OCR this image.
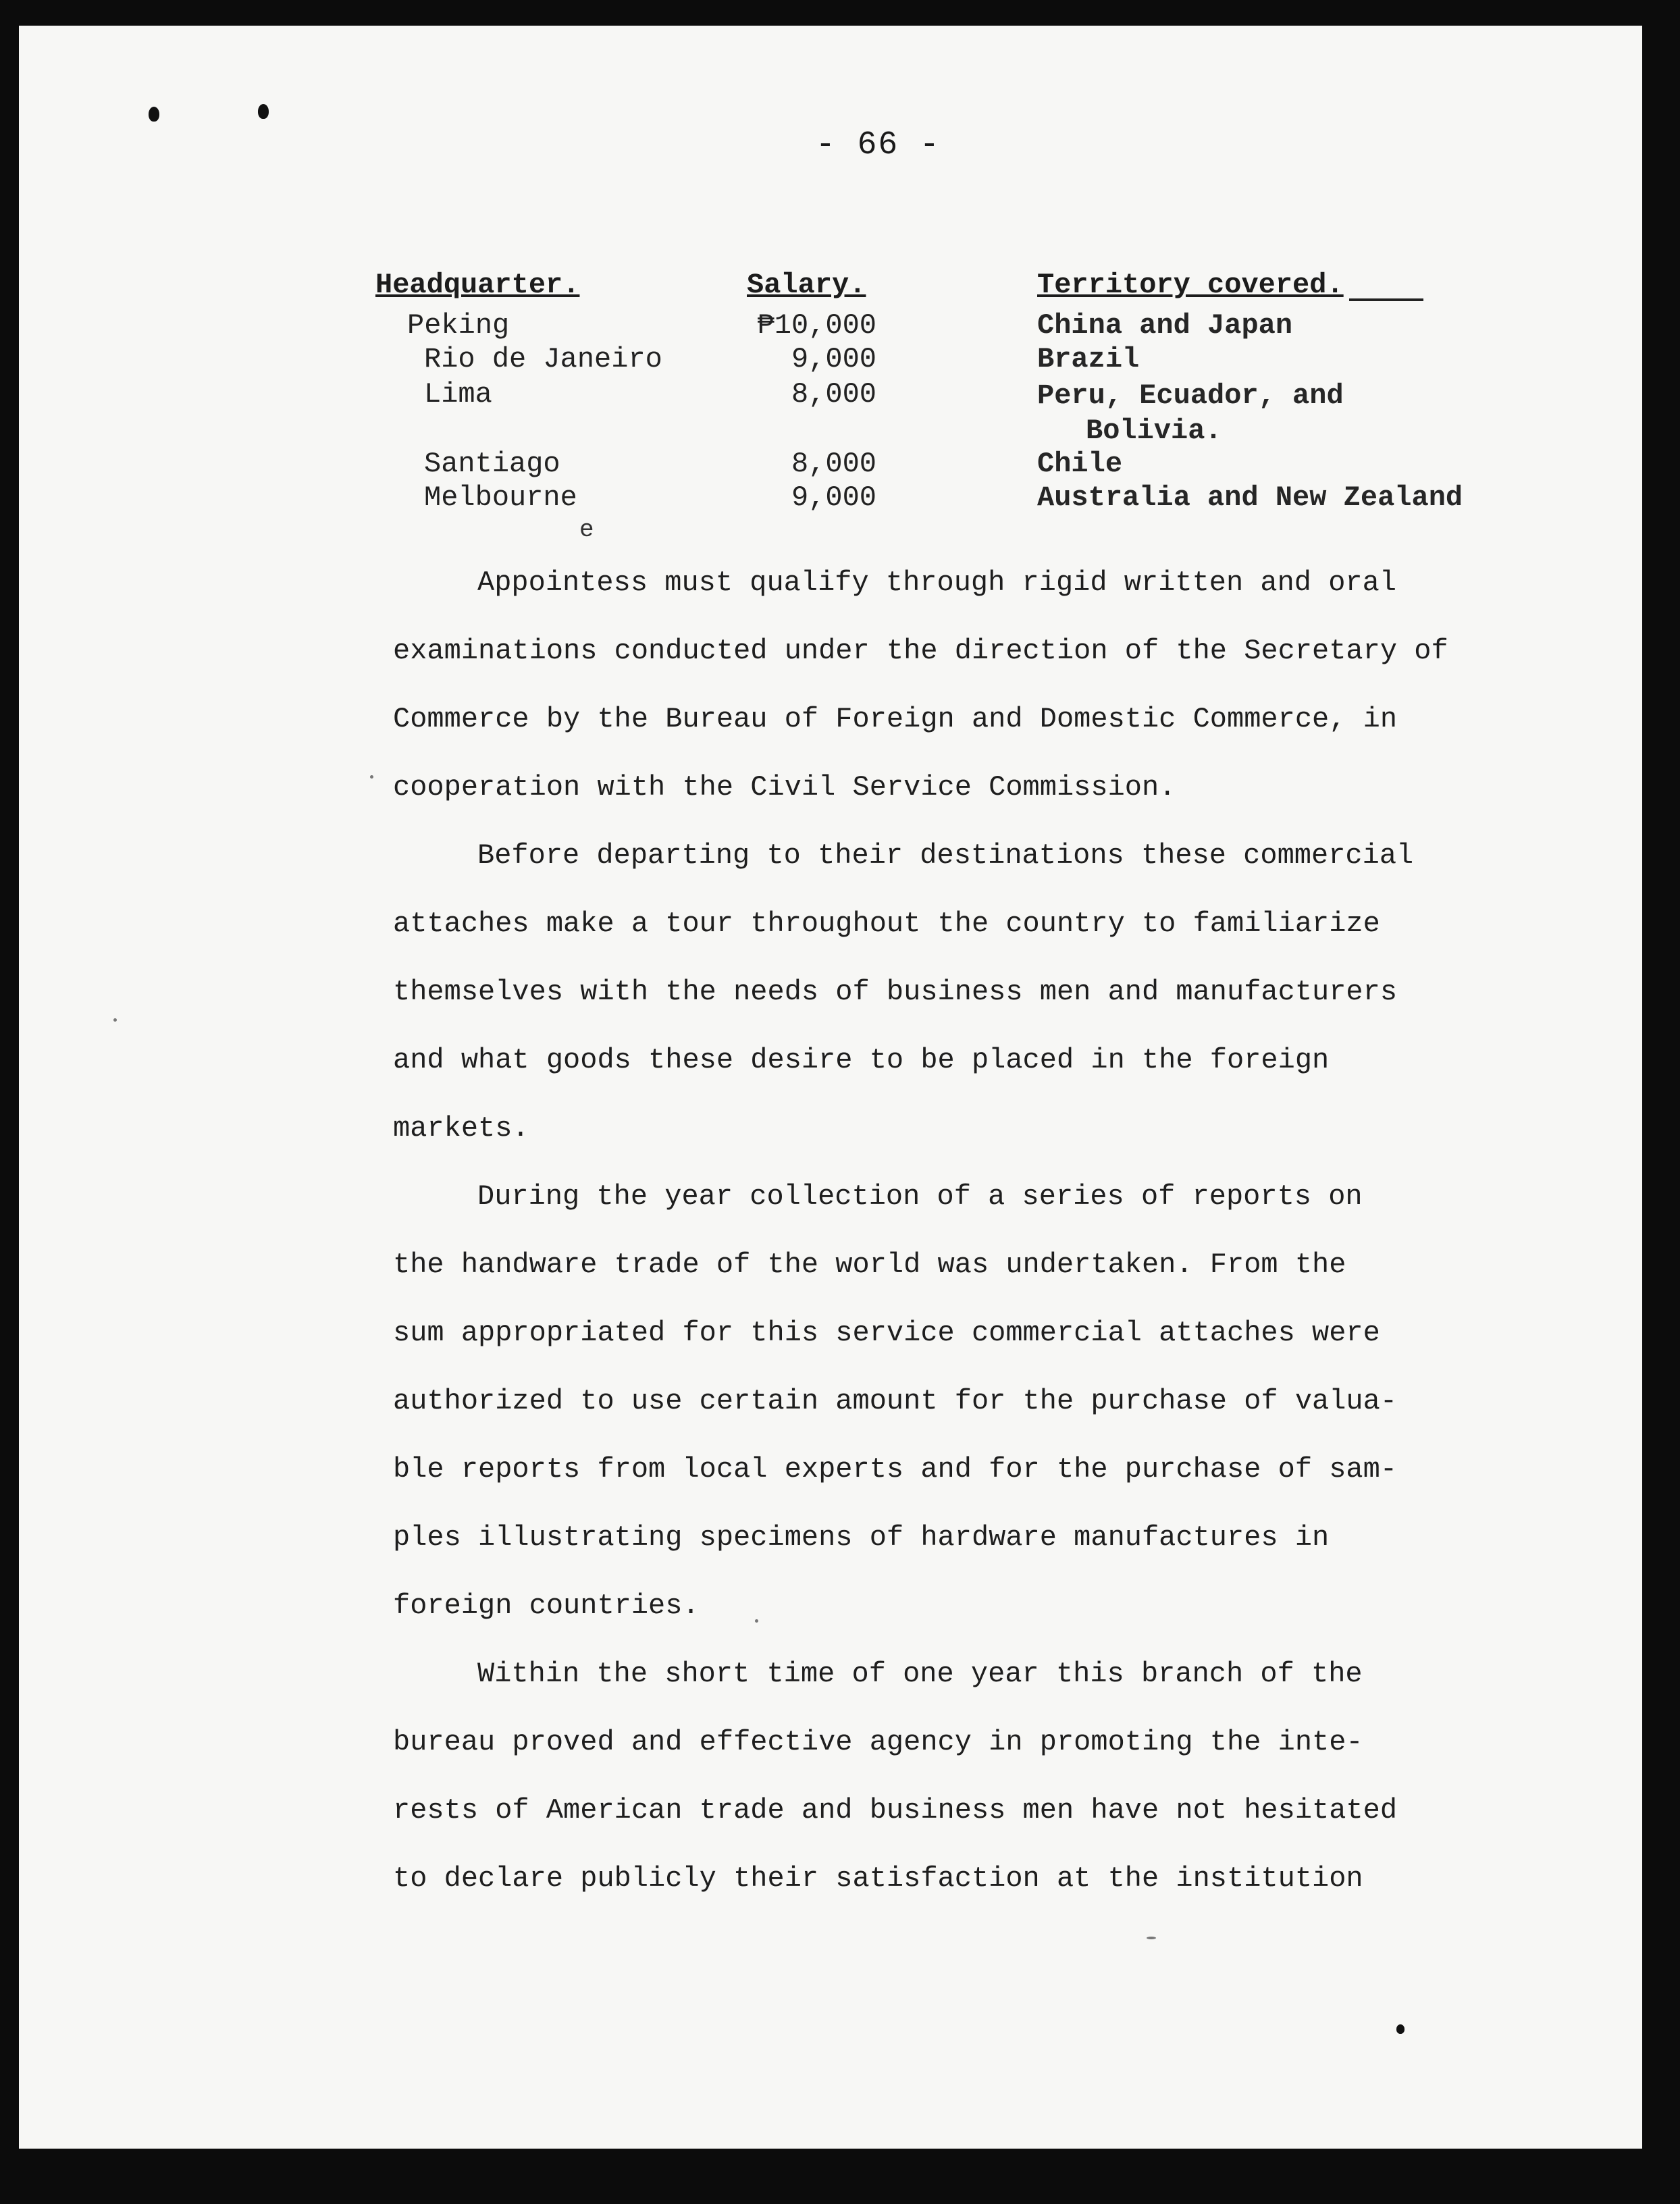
- 66 -
Headquarter.	Salary.	Territory covered.
Peking	₱10,000	China and Japan
Rio de Janeiro	9,000	Brazil
Lima	8,000	Peru, Ecuador, and
Bolivia.
Santiago	8,000	Chile
Melbourne	9,000	Australia and New Zealand
e
Appointess must qualify through rigid written and oral
examinations conducted under the direction of the Secretary of
Commerce by the Bureau of Foreign and Domestic Commerce, in
cooperation with the Civil Service Commission.
Before departing to their destinations these commercial
attaches make a tour throughout the country to familiarize
themselves with the needs of business men and manufacturers
and what goods these desire to be placed in the foreign
markets.
During the year collection of a series of reports on
the handware trade of the world was undertaken. From the
sum appropriated for this service commercial attaches were
authorized to use certain amount for the purchase of valua-
ble reports from local experts and for the purchase of sam-
ples illustrating specimens of hardware manufactures in
foreign countries.
Within the short time of one year this branch of the
bureau proved and effective agency in promoting the inte-
rests of American trade and business men have not hesitated
to declare publicly their satisfaction at the institution
